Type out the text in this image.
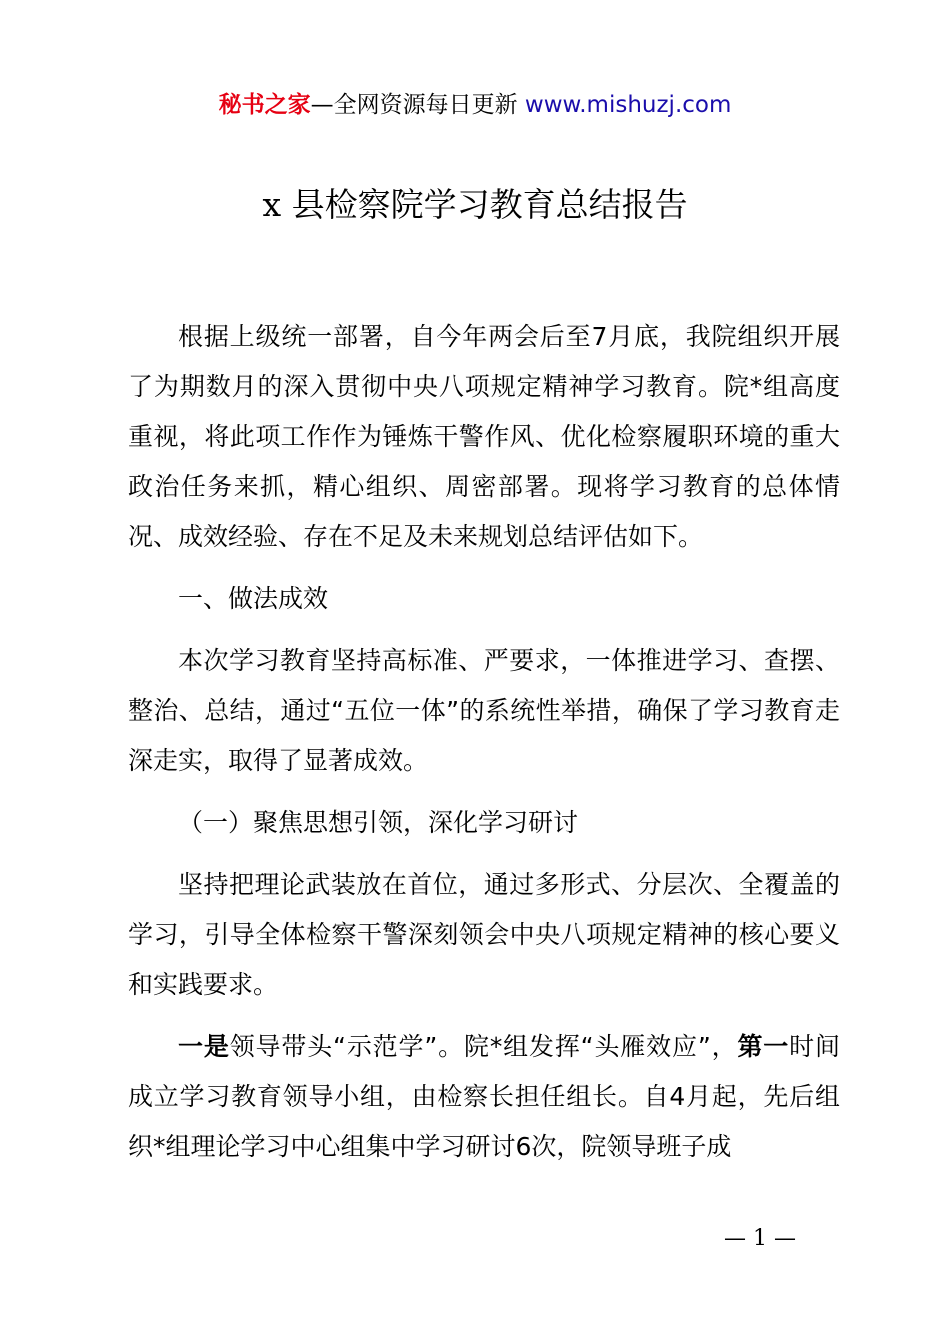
秘书之家—全网资源每日更新 www.mishuzj.com
x 县检察院学习教育总结报告

根据上级统一部署，自今年两会后至7月底，我院组织开展了为期数月的深入贯彻中央八项规定精神学习教育。院*组高度重视，将此项工作作为锤炼干警作风、优化检察履职环境的重大政治任务来抓，精心组织、周密部署。现将学习教育的总体情况、成效经验、存在不足及未来规划总结评估如下。

一、做法成效

本次学习教育坚持高标准、严要求，一体推进学习、查摆、整治、总结，通过“五位一体”的系统性举措，确保了学习教育走深走实，取得了显著成效。

（一）聚焦思想引领，深化学习研讨

坚持把理论武装放在首位，通过多形式、分层次、全覆盖的学习，引导全体检察干警深刻领会中央八项规定精神的核心要义和实践要求。

一是领导带头“示范学”。院*组发挥“头雁效应”，第一时间成立学习教育领导小组，由检察长担任组长。自4月起，先后组织*组理论学习中心组集中学习研讨6次，院领导班子成

— 1 —
